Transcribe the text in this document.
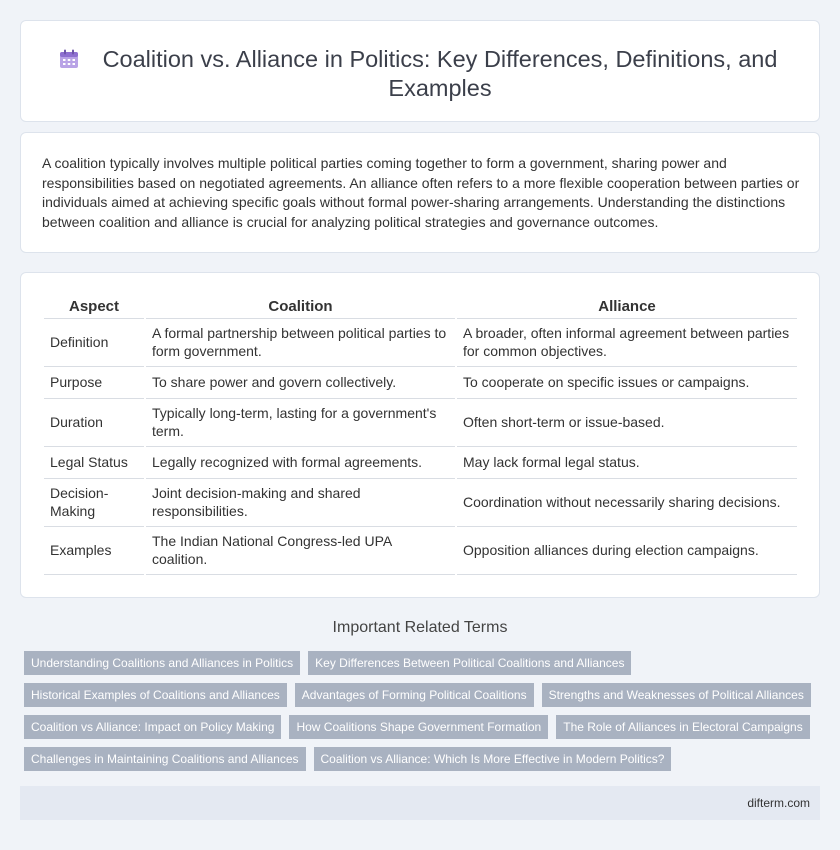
Coalition vs. Alliance in Politics: Key Differences, Definitions, and Examples

A coalition typically involves multiple political parties coming together to form a government, sharing power and responsibilities based on negotiated agreements. An alliance often refers to a more flexible cooperation between parties or individuals aimed at achieving specific goals without formal power-sharing arrangements. Understanding the distinctions between coalition and alliance is crucial for analyzing political strategies and governance outcomes.

Aspect	Coalition	Alliance
Definition	A formal partnership between political parties to form government.	A broader, often informal agreement between parties for common objectives.
Purpose	To share power and govern collectively.	To cooperate on specific issues or campaigns.
Duration	Typically long-term, lasting for a government's term.	Often short-term or issue-based.
Legal Status	Legally recognized with formal agreements.	May lack formal legal status.
Decision-Making	Joint decision-making and shared responsibilities.	Coordination without necessarily sharing decisions.
Examples	The Indian National Congress-led UPA coalition.	Opposition alliances during election campaigns.
Important Related Terms
Understanding Coalitions and Alliances in Politics	Key Differences Between Political Coalitions and Alliances
Historical Examples of Coalitions and Alliances	Advantages of Forming Political Coalitions	Strengths and Weaknesses of Political Alliances
Coalition vs Alliance: Impact on Policy Making	How Coalitions Shape Government Formation	The Role of Alliances in Electoral Campaigns
Challenges in Maintaining Coalitions and Alliances	Coalition vs Alliance: Which Is More Effective in Modern Politics?
difterm.com
